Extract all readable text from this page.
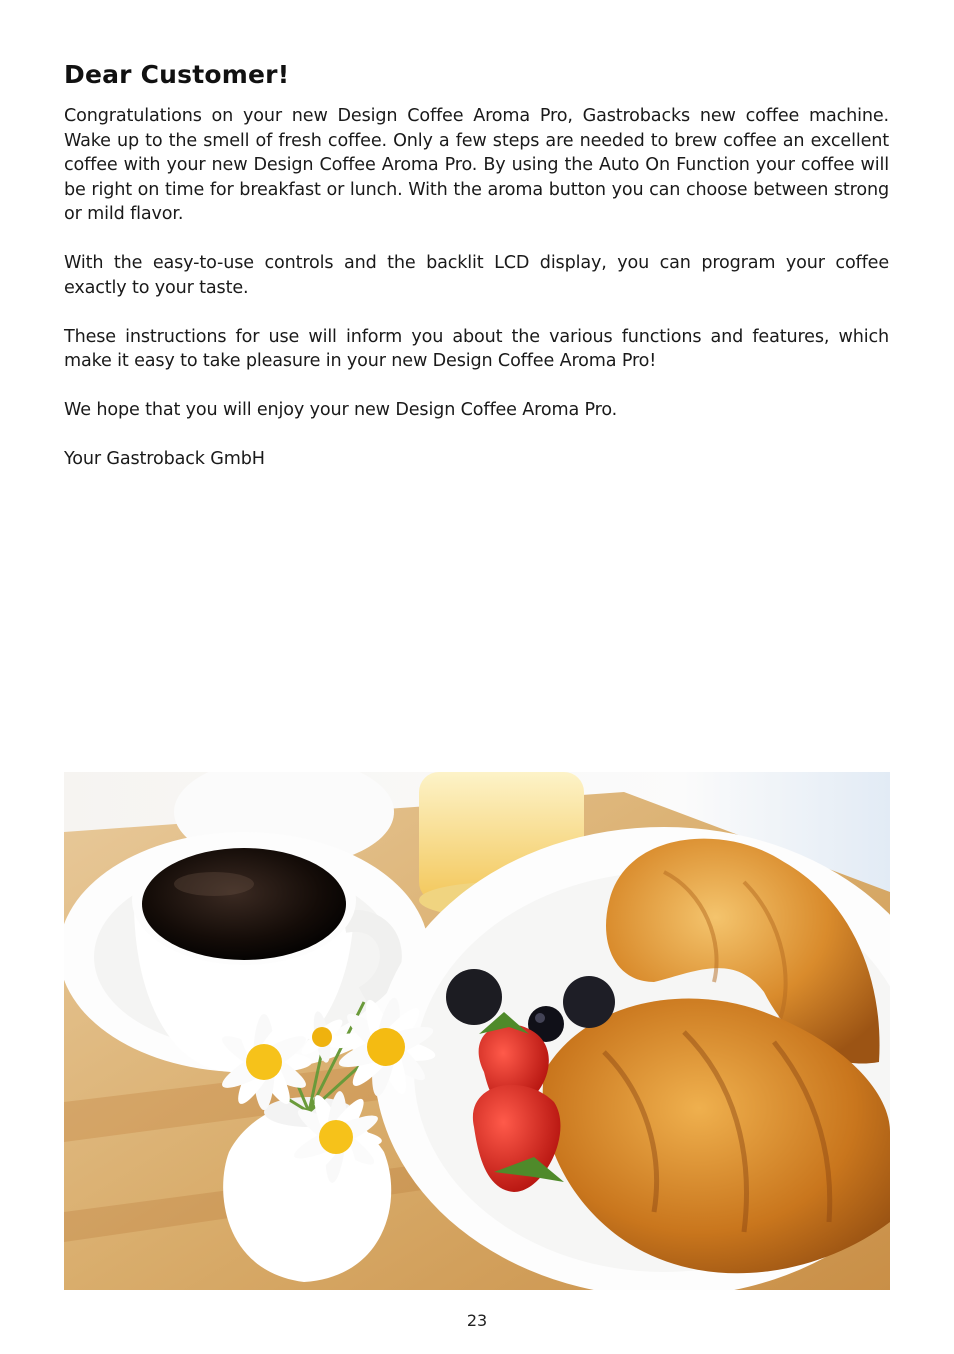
Dear Customer!

Congratulations on your new Design Coffee Aroma Pro, Gastrobacks new coffee machine. Wake up to the smell of fresh coffee. Only a few steps are needed to brew coffee an excellent coffee with your new Design Coffee Aroma Pro. By using the Auto On Function your coffee will be right on time for breakfast or lunch. With the aroma button you can choose between strong or mild flavor.

With the easy-to-use controls and the backlit LCD display, you can program your coffee exactly to your taste.

These instructions for use will inform you about the various functions and features, which make it easy to take pleasure in your new Design Coffee Aroma Pro!

We hope that you will enjoy your new Design Coffee Aroma Pro.

Your Gastroback GmbH

23
